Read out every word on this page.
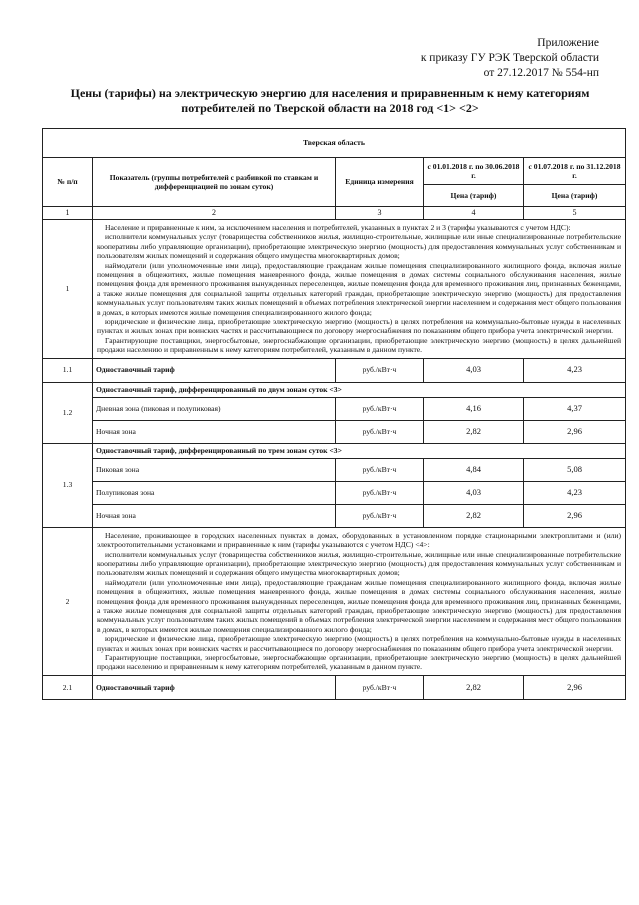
Приложение
к приказу ГУ РЭК Тверской области
от 27.12.2017 № 554-нп
Цены (тарифы) на электрическую энергию для населения и приравненным к нему категориям потребителей по Тверской области на 2018 год <1> <2>
Тверская область				
№ п/п	Показатель (группы потребителей с разбивкой по ставкам и дифференциацией по зонам суток)	Единица измерения	с 01.01.2018 г. по 30.06.2018 г.	с 01.07.2018 г. по 31.12.2018 г.
			Цена (тариф)	Цена (тариф)
1	2	3	4	5
1	Население и приравненные к ним, за исключением населения и потребителей, указанных в пунктах 2 и 3 (тарифы указываются с учетом НДС):

исполнители коммунальных услуг (товарищества собственников жилья, жилищно-строительные, жилищные или иные специализированные потребительские кооперативы либо управляющие организации), приобретающие электрическую энергию (мощность) для предоставления коммунальных услуг собственникам и пользователям жилых помещений и содержания общего имущества многоквартирных домов;

наймодатели (или уполномоченные ими лица), предоставляющие гражданам жилые помещения специализированного жилищного фонда, включая жилые помещения в общежитиях, жилые помещения маневренного фонда, жилые помещения в домах системы социального обслуживания населения, жилые помещения фонда для временного проживания вынужденных переселенцев, жилые помещения фонда для временного проживания лиц, признанных беженцами, а также жилые помещения для социальной защиты отдельных категорий граждан, приобретающие электрическую энергию (мощность) для предоставления коммунальных услуг пользователям таких жилых помещений в объемах потребления электрической энергии населением и содержания мест общего пользования в домах, в которых имеются жилые помещения специализированного жилого фонда;

юридические и физические лица, приобретающие электрическую энергию (мощность) в целях потребления на коммунально-бытовые нужды в населенных пунктах и жилых зонах при воинских частях и рассчитывающиеся по договору энергоснабжения по показаниям общего прибора учета электрической энергии.

Гарантирующие поставщики, энергосбытовые, энергоснабжающие организации, приобретающие электрическую энергию (мощность) в целях дальнейшей продажи населению и приравненным к нему категориям потребителей, указанным в данном пункте.			

1.1	Одноставочный тариф	руб./кВт·ч	4,03	4,23
1.2	Одноставочный тариф, дифференцированный по двум зонам суток <3>			
	Дневная зона (пиковая и полупиковая)	руб./кВт·ч	4,16	4,37
	Ночная зона	руб./кВт·ч	2,82	2,96
1.3	Одноставочный тариф, дифференцированный по трем зонам суток <3>			
	Пиковая зона	руб./кВт·ч	4,84	5,08
	Полупиковая зона	руб./кВт·ч	4,03	4,23
	Ночная зона	руб./кВт·ч	2,82	2,96
2	Население, проживающее в городских населенных пунктах в домах, оборудованных в установленном порядке стационарными электроплитами и (или) электроотопительными установками и приравненные к ним (тарифы указываются с учетом НДС) <4>:

исполнители коммунальных услуг (товарищества собственников жилья, жилищно-строительные, жилищные или иные специализированные потребительские кооперативы либо управляющие организации), приобретающие электрическую энергию (мощность) для предоставления коммунальных услуг собственникам и пользователям жилых помещений и содержания общего имущества многоквартирных домов;

наймодатели (или уполномоченные ими лица), предоставляющие гражданам жилые помещения специализированного жилищного фонда, включая жилые помещения в общежитиях, жилые помещения маневренного фонда, жилые помещения в домах системы социального обслуживания населения, жилые помещения фонда для временного проживания вынужденных переселенцев, жилые помещения фонда для временного проживания лиц, признанных беженцами, а также жилые помещения для социальной защиты отдельных категорий граждан, приобретающие электрическую энергию (мощность) для предоставления коммунальных услуг пользователям таких жилых помещений в объемах потребления электрической энергии населением и содержания мест общего пользования в домах, в которых имеются жилые помещения специализированного жилого фонда;

юридические и физические лица, приобретающие электрическую энергию (мощность) в целях потребления на коммунально-бытовые нужды в населенных пунктах и жилых зонах при воинских частях и рассчитывающиеся по договору энергоснабжения по показаниям общего прибора учета электрической энергии.

Гарантирующие поставщики, энергосбытовые, энергоснабжающие организации, приобретающие электрическую энергию (мощность) в целях дальнейшей продажи населению и приравненным к нему категориям потребителей, указанным в данном пункте.			

2.1	Одноставочный тариф	руб./кВт·ч	2,82	2,96
